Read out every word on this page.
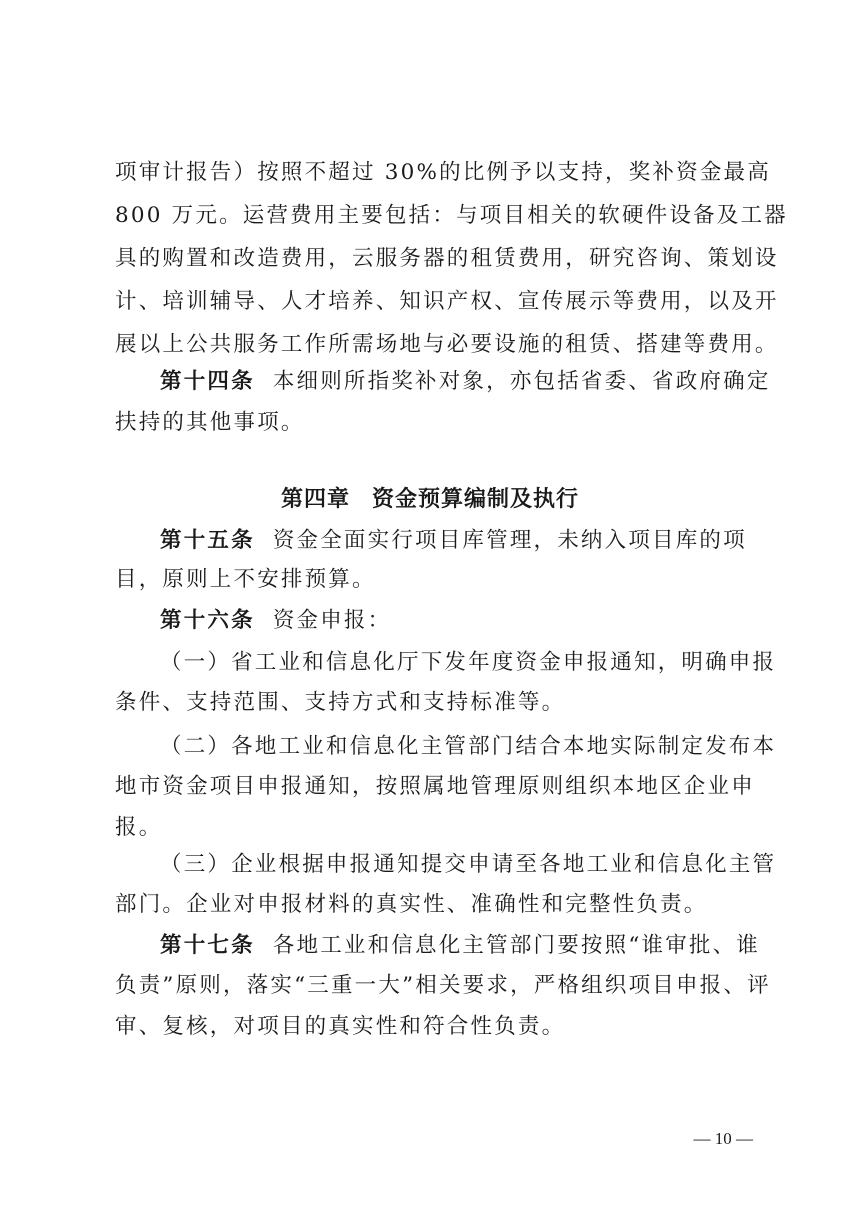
项审计报告）按照不超过 30%的比例予以支持，奖补资金最高
800 万元。运营费用主要包括：与项目相关的软硬件设备及工器
具的购置和改造费用，云服务器的租赁费用，研究咨询、策划设
计、培训辅导、人才培养、知识产权、宣传展示等费用，以及开
展以上公共服务工作所需场地与必要设施的租赁、搭建等费用。
第十四条 本细则所指奖补对象，亦包括省委、省政府确定
扶持的其他事项。
第四章 资金预算编制及执行
第十五条 资金全面实行项目库管理，未纳入项目库的项
目，原则上不安排预算。
第十六条 资金申报：
（一）省工业和信息化厅下发年度资金申报通知，明确申报
条件、支持范围、支持方式和支持标准等。
（二）各地工业和信息化主管部门结合本地实际制定发布本
地市资金项目申报通知，按照属地管理原则组织本地区企业申
报。
（三）企业根据申报通知提交申请至各地工业和信息化主管
部门。企业对申报材料的真实性、准确性和完整性负责。
第十七条 各地工业和信息化主管部门要按照“谁审批、谁
负责”原则，落实“三重一大”相关要求，严格组织项目申报、评
审、复核，对项目的真实性和符合性负责。
— 10 —
